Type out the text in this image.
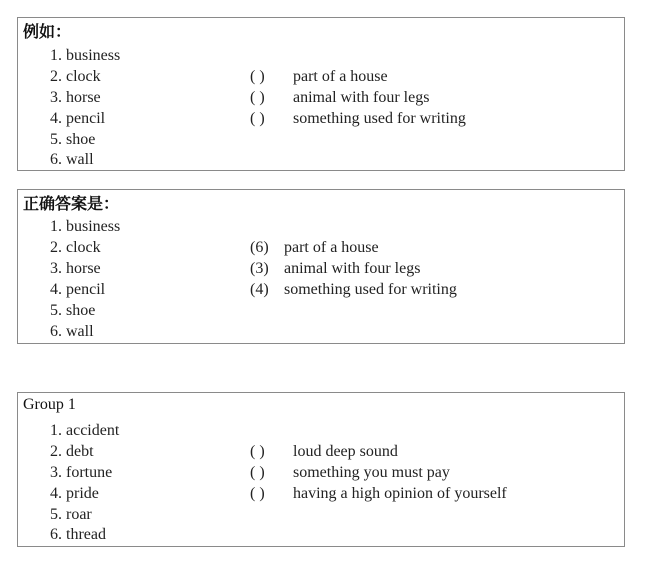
例如：
1. business
2. clock	( ) part of a house
3. horse	( ) animal with four legs
4. pencil	( ) something used for writing
5. shoe
6. wall
正确答案是：
1. business
2. clock	(6) part of a house
3. horse	(3) animal with four legs
4. pencil	(4) something used for writing
5. shoe
6. wall
Group 1
1. accident
2. debt	( ) loud deep sound
3. fortune	( ) something you must pay
4. pride	( ) having a high opinion of yourself
5. roar
6. thread
